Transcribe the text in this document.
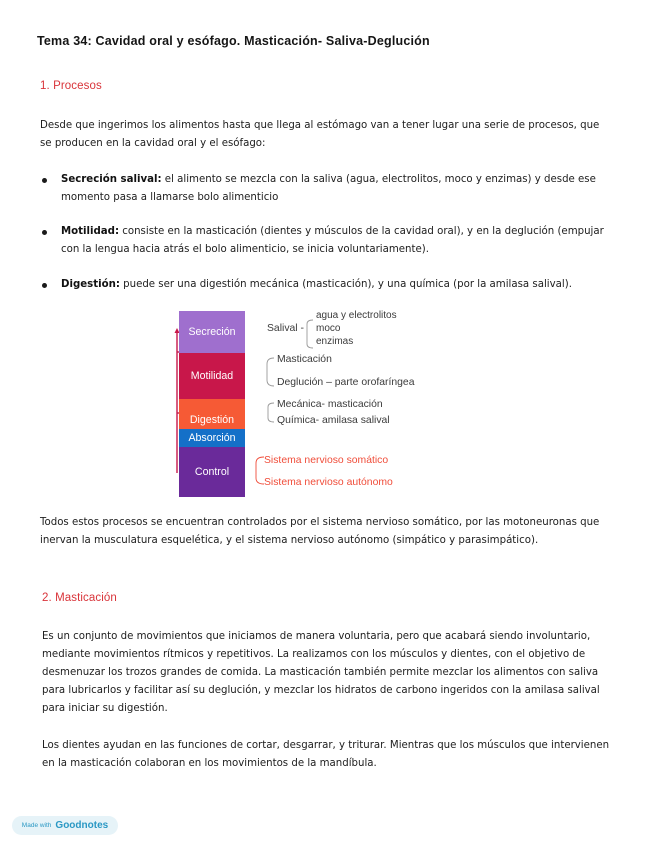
Tema 34: Cavidad oral y esófago. Masticación- Saliva-Deglución
1. Procesos
Desde que ingerimos los alimentos hasta que llega al estómago van a tener lugar una serie de procesos, que se producen en la cavidad oral y el esófago:
Secreción salival: el alimento se mezcla con la saliva (agua, electrolitos, moco y enzimas) y desde ese momento pasa a llamarse bolo alimenticio
Motilidad: consiste en la masticación (dientes y músculos de la cavidad oral), y en la deglución (empujar con la lengua hacia atrás el bolo alimenticio, se inicia voluntariamente).
Digestión: puede ser una digestión mecánica (masticación), y una química (por la amilasa salival).
Secreción
Motilidad
Digestión
Absorción
Control
Salival -
agua y electrolitos
moco
enzimas
Masticación
Deglución – parte orofaríngea
Mecánica- masticación
Química- amilasa salival
Sistema nervioso somático
Sistema nervioso autónomo
Todos estos procesos se encuentran controlados por el sistema nervioso somático, por las motoneuronas que inervan la musculatura esquelética, y el sistema nervioso autónomo (simpático y parasimpático).
2. Masticación
Es un conjunto de movimientos que iniciamos de manera voluntaria, pero que acabará siendo involuntario, mediante movimientos rítmicos y repetitivos. La realizamos con los músculos y dientes, con el objetivo de desmenuzar los trozos grandes de comida. La masticación también permite mezclar los alimentos con saliva para lubricarlos y facilitar así su deglución, y mezclar los hidratos de carbono ingeridos con la amilasa salival para iniciar su digestión.
Los dientes ayudan en las funciones de cortar, desgarrar, y triturar. Mientras que los músculos que intervienen en la masticación colaboran en los movimientos de la mandíbula.
Made with Goodnotes
